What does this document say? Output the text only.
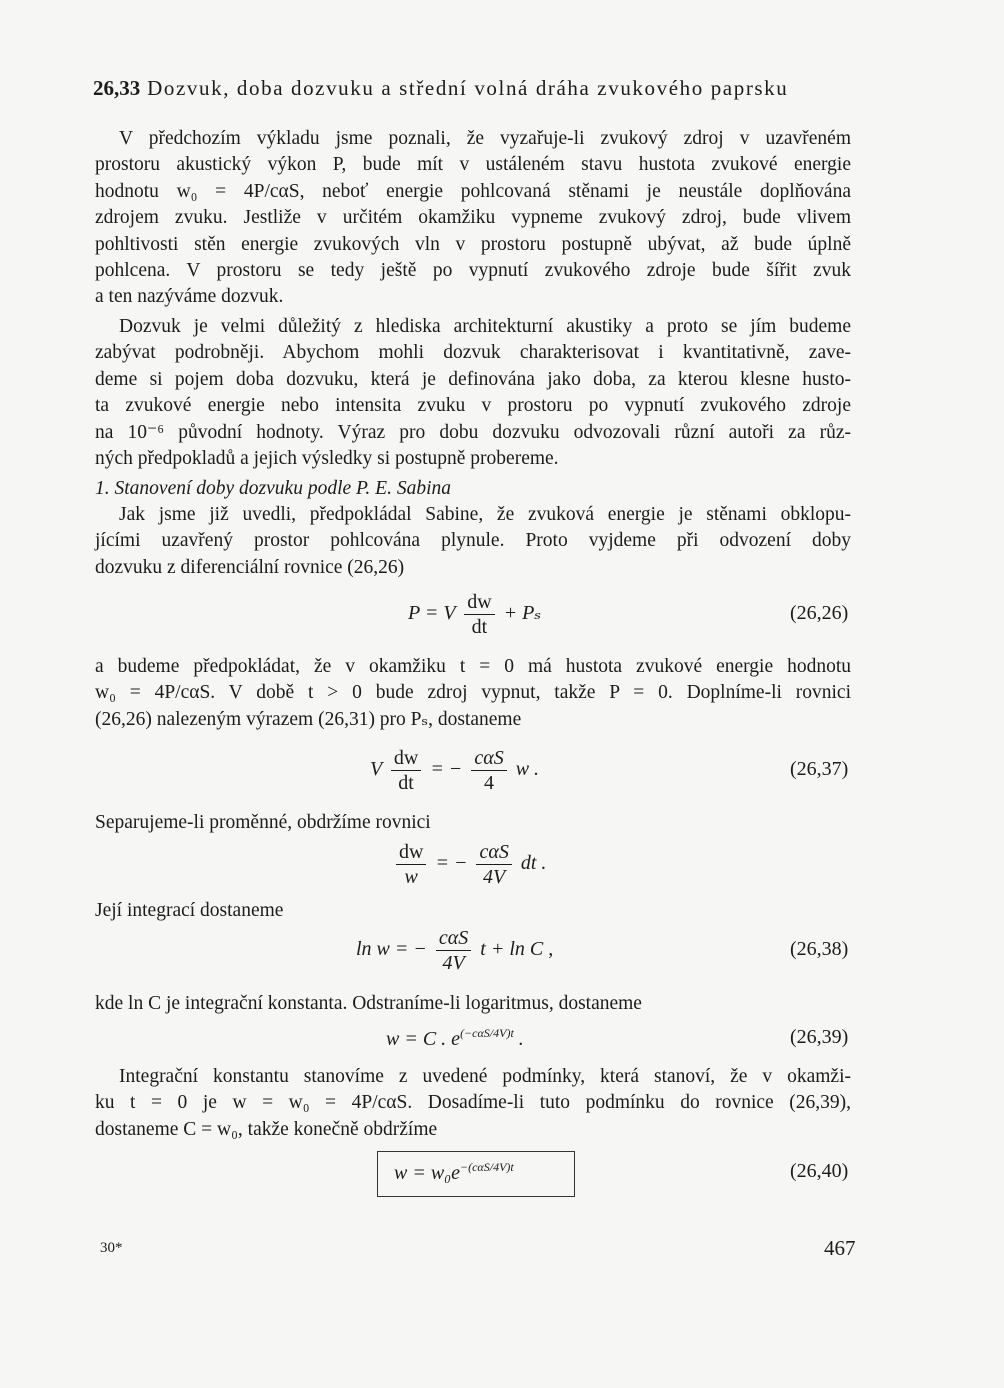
26,33 Dozvuk, doba dozvuku a střední volná dráha zvukového paprsku
V předchozím výkladu jsme poznali, že vyzařuje-li zvukový zdroj v uzavřeném
prostoru akustický výkon P, bude mít v ustáleném stavu hustota zvukové energie
hodnotu w₀ = 4P/cαS, neboť energie pohlcovaná stěnami je neustále doplňována
zdrojem zvuku. Jestliže v určitém okamžiku vypneme zvukový zdroj, bude vlivem
pohltivosti stěn energie zvukových vln v prostoru postupně ubývat, až bude úplně
pohlcena. V prostoru se tedy ještě po vypnutí zvukového zdroje bude šířit zvuk
a ten nazýváme dozvuk.
Dozvuk je velmi důležitý z hlediska architekturní akustiky a proto se jím budeme
zabývat podrobněji. Abychom mohli dozvuk charakterisovat i kvantitativně, zave-
deme si pojem doba dozvuku, která je definována jako doba, za kterou klesne husto-
ta zvukové energie nebo intensita zvuku v prostoru po vypnutí zvukového zdroje
na 10⁻⁶ původní hodnoty. Výraz pro dobu dozvuku odvozovali různí autoři za růz-
ných předpokladů a jejich výsledky si postupně probereme.
1. Stanovení doby dozvuku podle P. E. Sabina
Jak jsme již uvedli, předpokládal Sabine, že zvuková energie je stěnami obklopu-
jícími uzavřený prostor pohlcována plynule. Proto vyjdeme při odvození doby
dozvuku z diferenciální rovnice (26,26)
P = V $\frac{dw}{dt} + P_s$	(26,26)
a budeme předpokládat, že v okamžiku t = 0 má hustota zvukové energie hodnotu
w₀ = 4P/cαS. V době t > 0 bude zdroj vypnut, takže P = 0. Doplníme-li rovnici
(26,26) nalezeným výrazem (26,31) pro Pₛ, dostaneme
V $\frac{dw}{dt}$ = − $\frac{\text{cαS}}{4}$ w .	(26,37)
Separujeme-li proměnné, obdržíme rovnici
$\frac{dw}{w}$ = − $\frac{\text{cαS}}{4V}$ dt .
Její integrací dostaneme
ln w = − $\frac{\text{cαS}}{4V}$ t + ln C ,	(26,38)
kde ln C je integrační konstanta. Odstraníme-li logaritmus, dostaneme
w = C . $e^{(-c\alpha S/4V)t}$ .	(26,39)
Integrační konstantu stanovíme z uvedené podmínky, která stanoví, že v okamži-
ku t = 0 je w = w₀ = 4P/cαS. Dosadíme-li tuto podmínku do rovnice (26,39),
dostaneme C = w₀, takže konečně obdržíme
$w = w_0e^{-(c\alpha S/4V)t}$	(26,40)
30*	467
